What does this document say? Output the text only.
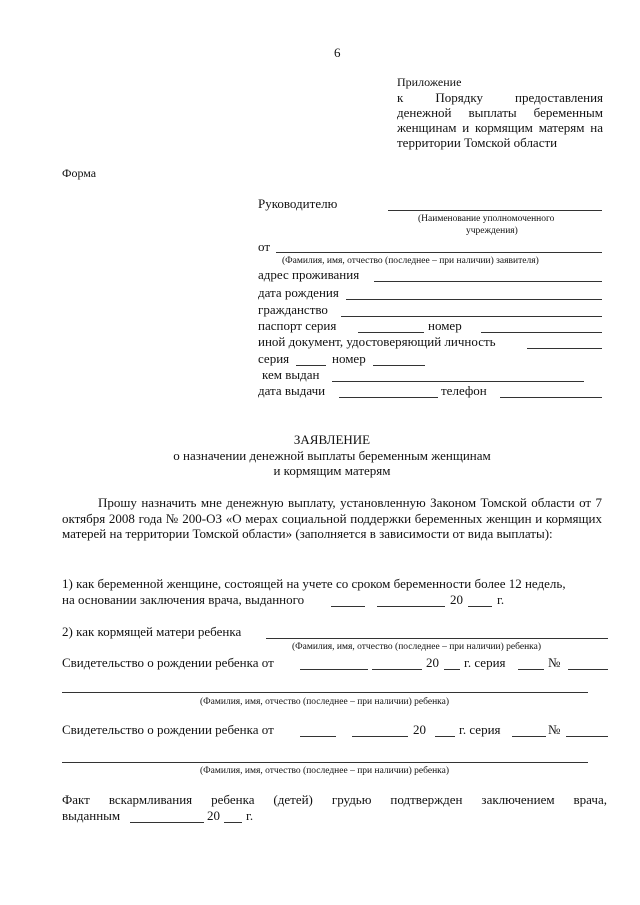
6
Приложение
к Порядку предоставления денежной выплаты беременным женщинам и кормящим матерям на территории Томской области
Форма
Руководителю
(Наименование уполномоченного
учреждения)
от
(Фамилия, имя, отчество (последнее – при наличии) заявителя)
адрес проживания
дата рождения
гражданство
паспорт серия	номер
иной документ, удостоверяющий личность
серия	номер
кем выдан
дата выдачи	телефон
ЗАЯВЛЕНИЕ
о назначении денежной выплаты беременным женщинам
и кормящим матерям
Прошу назначить мне денежную выплату, установленную Законом Томской области от 7 октября 2008 года № 200-ОЗ «О мерах социальной поддержки беременных женщин и кормящих матерей на территории Томской области» (заполняется в зависимости от вида выплаты):
1) как беременной женщине, состоящей на учете со сроком беременности более 12 недель,
на основании заключения врача, выданного	20	г.
2) как кормящей матери ребенка
(Фамилия, имя, отчество (последнее – при наличии) ребенка)
Свидетельство о рождении ребенка от	20 г. серия	№
(Фамилия, имя, отчество (последнее – при наличии) ребенка)
Свидетельство о рождении ребенка от	20	г. серия	№
(Фамилия, имя, отчество (последнее – при наличии) ребенка)
Факт вскармливания ребенка (детей) грудью подтвержден заключением врача,
выданным	20 г.
